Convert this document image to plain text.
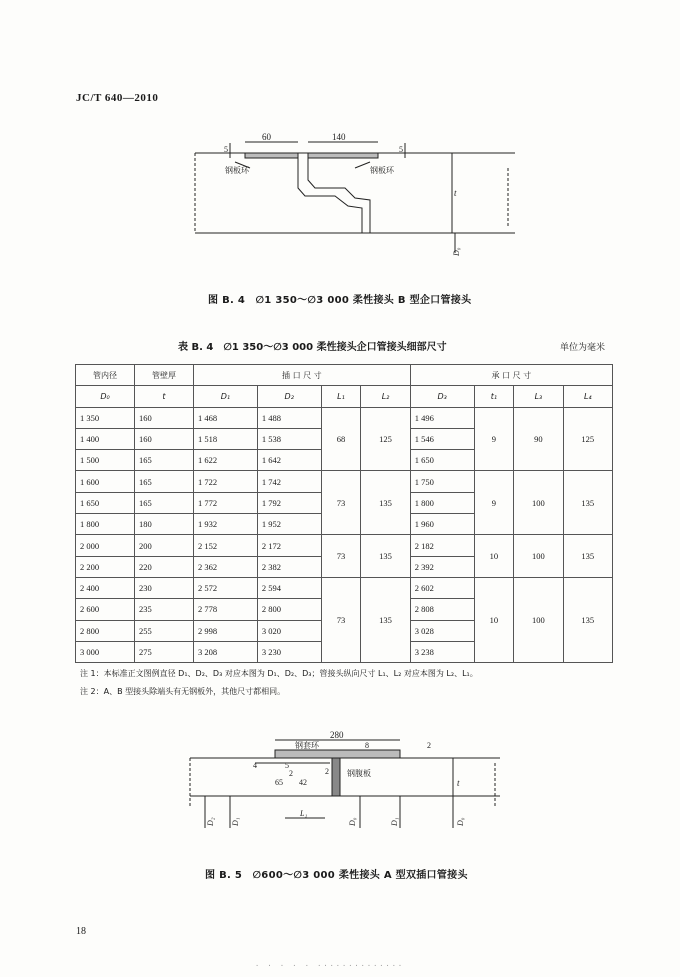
JC/T 640—2010
60	140
5	5
钢板环	钢板环
t
D₀
图 B. 4　∅1 350～∅3 000 柔性接头 B 型企口管接头
表 B. 4　∅1 350～∅3 000 柔性接头企口管接头细部尺寸	单位为毫米
管内径	管壁厚	插 口 尺 寸				承 口 尺 寸			
D₀	t	D₁	D₂	L₁	L₂	D₃	t₁	L₃	L₄
1 350	160	1 468	1 488	68	125	1 496	9	90	125
1 400	160	1 518	1 538			1 546			
1 500	165	1 622	1 642			1 650			
1 600	165	1 722	1 742	73	135	1 750	9	100	135
1 650	165	1 772	1 792			1 800			
1 800	180	1 932	1 952			1 960			
2 000	200	2 152	2 172	73	135	2 182	10	100	135
2 200	220	2 362	2 382			2 392			
2 400	230	2 572	2 594	73	135	2 602	10	100	135
2 600	235	2 778	2 800			2 808			
2 800	255	2 998	3 020			3 028			
3 000	275	3 208	3 230			3 238			
注 1：本标准正文图例直径 D₁、D₂、D₃ 对应本图为 D₁、D₂、D₃；管接头纵向尺寸 L₁、L₂ 对应本图为 L₂、L₁。
注 2：A、B 型接头除端头有无钢板外，其他尺寸都相同。
280
钢套环	8	2
4	5
2	2 钢腹板
65 42	t
L₁
D₂ D₁	D₀	D₁	D₀
图 B. 5　∅600～∅3 000 柔性接头 A 型双插口管接头
18
· · · · · ··············
